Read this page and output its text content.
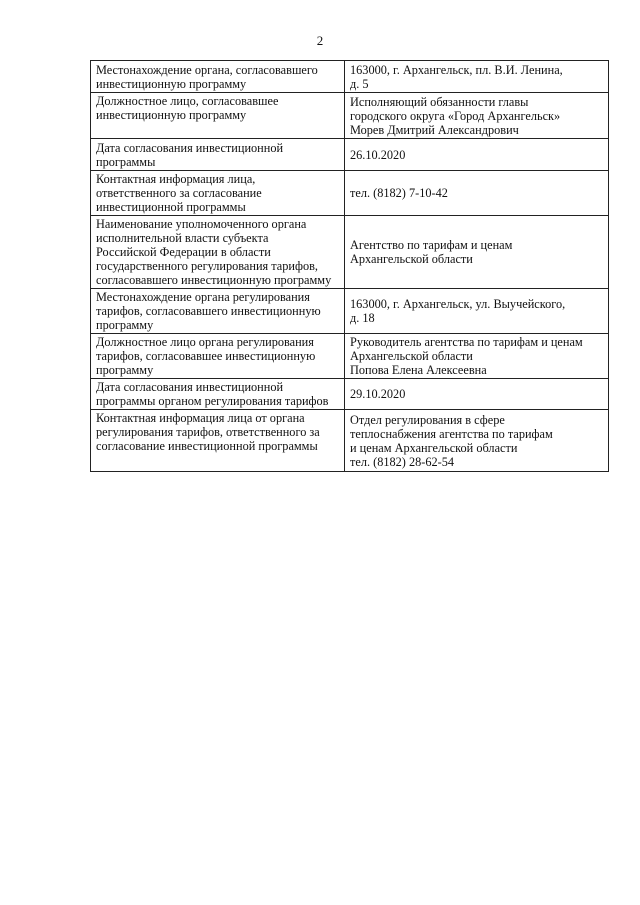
2
Местонахождение органа, согласовавшего
инвестиционную программу	163000, г. Архангельск, пл. В.И. Ленина,
д. 5
Должностное лицо, согласовавшее
инвестиционную программу	Исполняющий обязанности главы
городского округа «Город Архангельск»
Морев Дмитрий Александрович
Дата согласования инвестиционной
программы	26.10.2020
Контактная информация лица,
ответственного за согласование
инвестиционной программы	тел. (8182) 7-10-42
Наименование уполномоченного органа
исполнительной власти субъекта
Российской Федерации в области
государственного регулирования тарифов,
согласовавшего инвестиционную программу	Агентство по тарифам и ценам
Архангельской области
Местонахождение органа регулирования
тарифов, согласовавшего инвестиционную
программу	163000, г. Архангельск, ул. Выучейского,
д. 18
Должностное лицо органа регулирования
тарифов, согласовавшее инвестиционную
программу	Руководитель агентства по тарифам и ценам
Архангельской области
Попова Елена Алексеевна
Дата согласования инвестиционной
программы органом регулирования тарифов	29.10.2020
Контактная информация лица от органа
регулирования тарифов, ответственного за
согласование инвестиционной программы	Отдел регулирования в сфере
теплоснабжения агентства по тарифам
и ценам Архангельской области
тел. (8182) 28-62-54
